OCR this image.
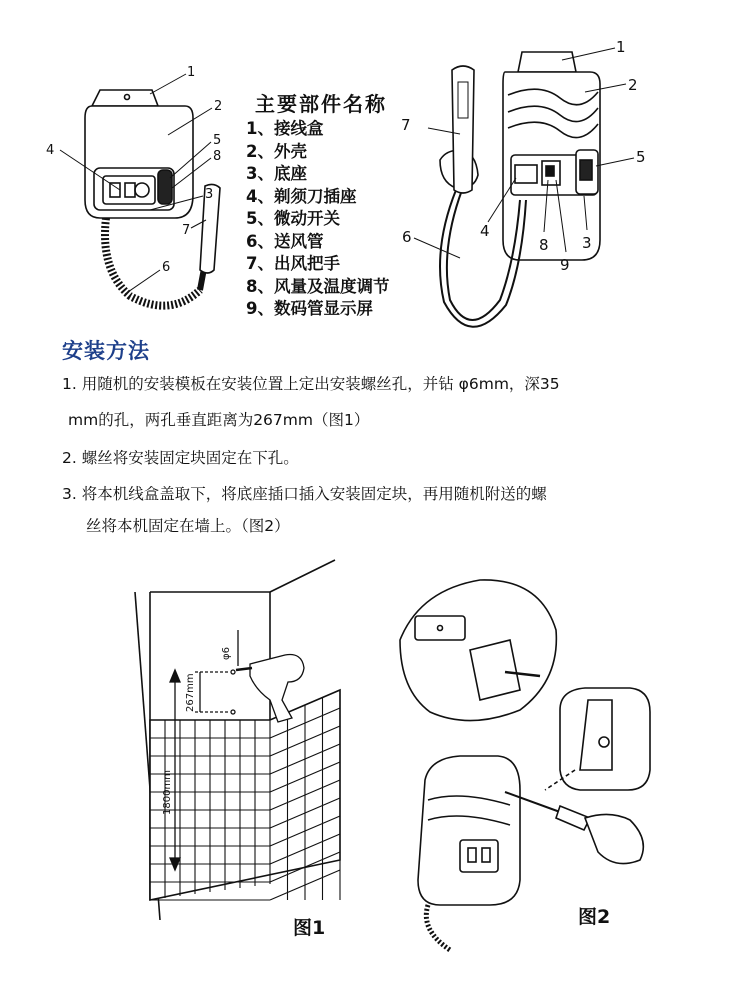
1
2
5
8
4
3
7
6
1
2
7
5
6	4
8
9
3
主要部件名称
1、接线盒
2、外壳
3、底座
4、剃须刀插座
5、微动开关
6、送风管
7、出风把手
8、风量及温度调节
9、数码管显示屏
安装方法
1. 用随机的安装模板在安装位置上定出安装螺丝孔，并钻 φ6mm，深35
mm的孔，两孔垂直距离为267mm（图1）
2. 螺丝将安装固定块固定在下孔。
3. 将本机线盒盖取下，将底座插口插入安装固定块，再用随机附送的螺
丝将本机固定在墙上。（图2）
φ6
267mm
1800mm
图1	图2
